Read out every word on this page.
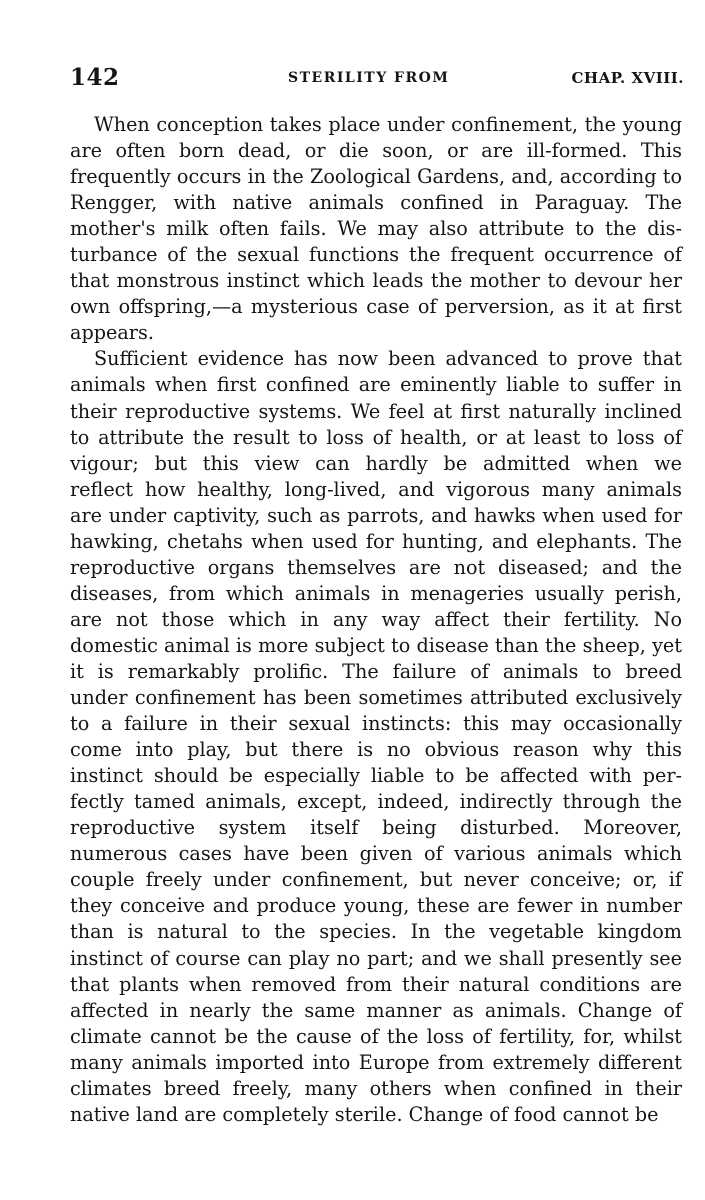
142	STERILITY FROM	CHAP. XVIII.
When conception takes place under confinement, the young
are often born dead, or die soon, or are ill-formed. This
frequently occurs in the Zoological Gardens, and, according to
Rengger, with native animals confined in Paraguay. The
mother's milk often fails. We may also attribute to the dis-
turbance of the sexual functions the frequent occurrence of
that monstrous instinct which leads the mother to devour her
own offspring,—a mysterious case of perversion, as it at first
appears.
Sufficient evidence has now been advanced to prove that
animals when first confined are eminently liable to suffer in
their reproductive systems. We feel at first naturally inclined
to attribute the result to loss of health, or at least to loss of
vigour; but this view can hardly be admitted when we
reflect how healthy, long-lived, and vigorous many animals
are under captivity, such as parrots, and hawks when used for
hawking, chetahs when used for hunting, and elephants. The
reproductive organs themselves are not diseased; and the
diseases, from which animals in menageries usually perish,
are not those which in any way affect their fertility. No
domestic animal is more subject to disease than the sheep, yet
it is remarkably prolific. The failure of animals to breed
under confinement has been sometimes attributed exclusively
to a failure in their sexual instincts: this may occasionally
come into play, but there is no obvious reason why this
instinct should be especially liable to be affected with per-
fectly tamed animals, except, indeed, indirectly through the
reproductive system itself being disturbed. Moreover,
numerous cases have been given of various animals which
couple freely under confinement, but never conceive; or, if
they conceive and produce young, these are fewer in number
than is natural to the species. In the vegetable kingdom
instinct of course can play no part; and we shall presently see
that plants when removed from their natural conditions are
affected in nearly the same manner as animals. Change of
climate cannot be the cause of the loss of fertility, for, whilst
many animals imported into Europe from extremely different
climates breed freely, many others when confined in their
native land are completely sterile. Change of food cannot be
